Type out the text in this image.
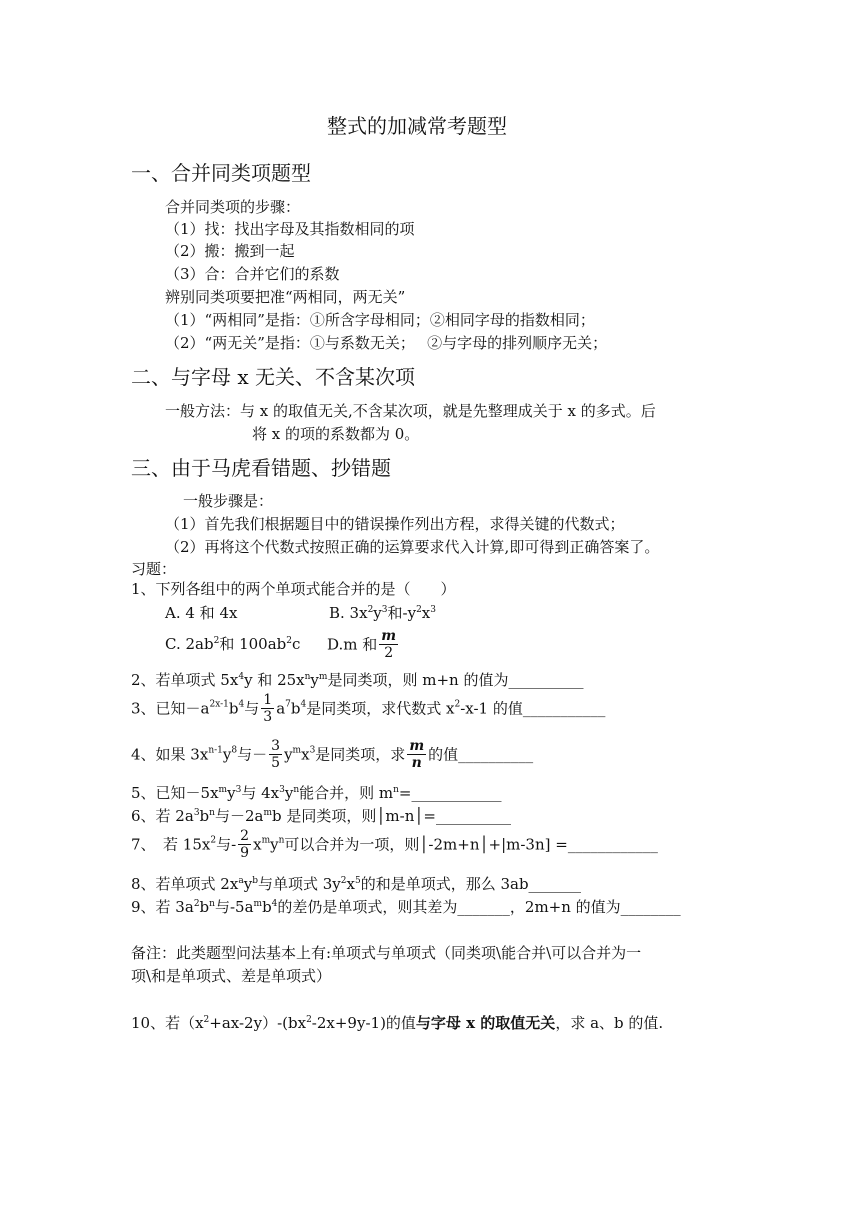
整式的加减常考题型
一、合并同类项题型
合并同类项的步骤：
（1）找：找出字母及其指数相同的项
（2）搬：搬到一起
（3）合：合并它们的系数
辨别同类项要把准“两相同，两无关”
（1）“两相同”是指：①所含字母相同；②相同字母的指数相同；
（2）“两无关”是指：①与系数无关；　 ②与字母的排列顺序无关；
二、与字母 x 无关、不含某次项
一般方法：与 x 的取值无关,不含某次项，就是先整理成关于 x 的多式。后
将 x 的项的系数都为 0。
三、由于马虎看错题、抄错题
一般步骤是：
（1）首先我们根据题目中的错误操作列出方程，求得关键的代数式；
（2）再将这个代数式按照正确的运算要求代入计算,即可得到正确答案了。
习题：
1、下列各组中的两个单项式能合并的是（　　）
A. 4 和 4x	B. $3x^2y^3$和$-y^2x^3$
C. $2ab^2$和 $100ab^2c$ D.m 和 $\frac{m}{2}$
2、若单项式 $5x^4y$ 和 $25x^ny^m$是同类项，则 m+n 的值为__________
3、已知$-a^{2x-1}b^4$与 $\frac{1}{3} a^7b^4$是同类项，求代数式 $x^2-x-1$ 的值___________
4、如果 $3x^{n-1}y^8$与－ $\frac{3}{5} y^mx^3$是同类项，求 $\frac{m}{n}$ 的值__________
5、已知$-5x^my^3$与 $4x^3y^n$能合并，则 $m^n=\_\_\_\_\_\_\_\_\_\_\_\_$
6、若 $2a^3b^n$与$-2a^mb$ 是同类项，则│m-n│=__________
7、　若 $15x^2$与- $\frac{2}{9} x^my^n$可以合并为一项，则│-2m+n│+|m-3n] =____________
8、若单项式 $2x^ay^b$与单项式 $3y^2x^5$的和是单项式，那么 3ab_______
9、若 $3a^2b^n$与$-5a^mb^4$的差仍是单项式，则其差为_______，2m+n 的值为________
备注：此类题型问法基本上有:单项式与单项式（同类项\能合并\可以合并为一
项\和是单项式、差是单项式）
10、若$(x^2+ax-2y)-(bx^2-2x+9y-1)$的值与字母 x 的取值无关，求 a、b 的值.
